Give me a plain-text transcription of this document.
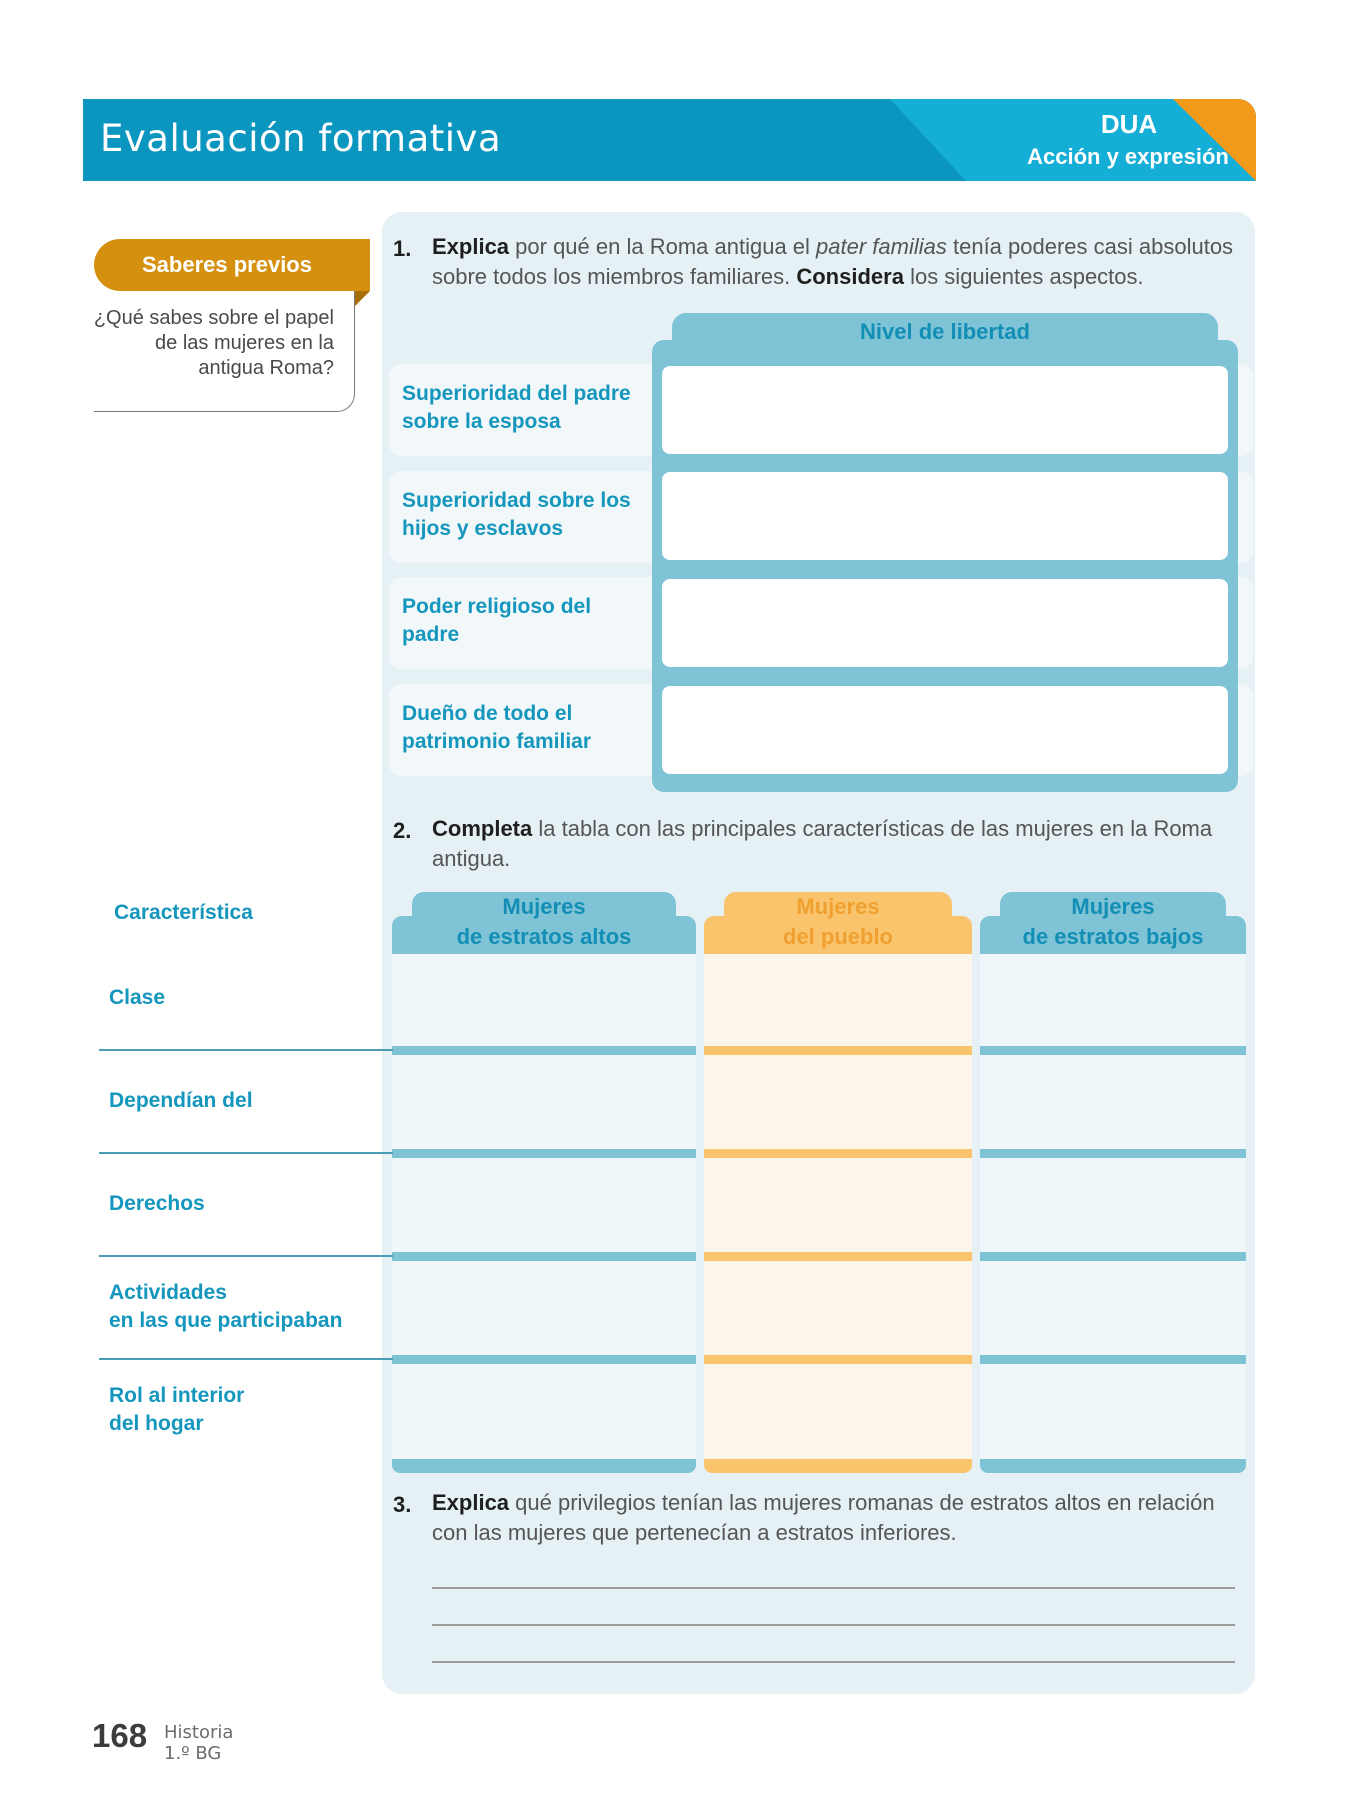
Evaluación formativa	DUA
Acción y expresión
Saberes previos
¿Qué sabes sobre el papel de las mujeres en la antigua Roma?
1. Explica por qué en la Roma antigua el pater familias tenía poderes casi absolutos sobre todos los miembros familiares. Considera los siguientes aspectos.
Nivel de libertad
Superioridad del padre sobre la esposa
Superioridad sobre los hijos y esclavos
Poder religioso del padre
Dueño de todo el patrimonio familiar
2. Completa la tabla con las principales características de las mujeres en la Roma antigua.
Característica	Mujeres
de estratos altos
Mujeres
del pueblo
Mujeres
de estratos bajos
Clase
Dependían del
Derechos
Actividades
en las que participaban
Rol al interior
del hogar
3. Explica qué privilegios tenían las mujeres romanas de estratos altos en relación con las mujeres que pertenecían a estratos inferiores.
168 Historia
1.º BG
